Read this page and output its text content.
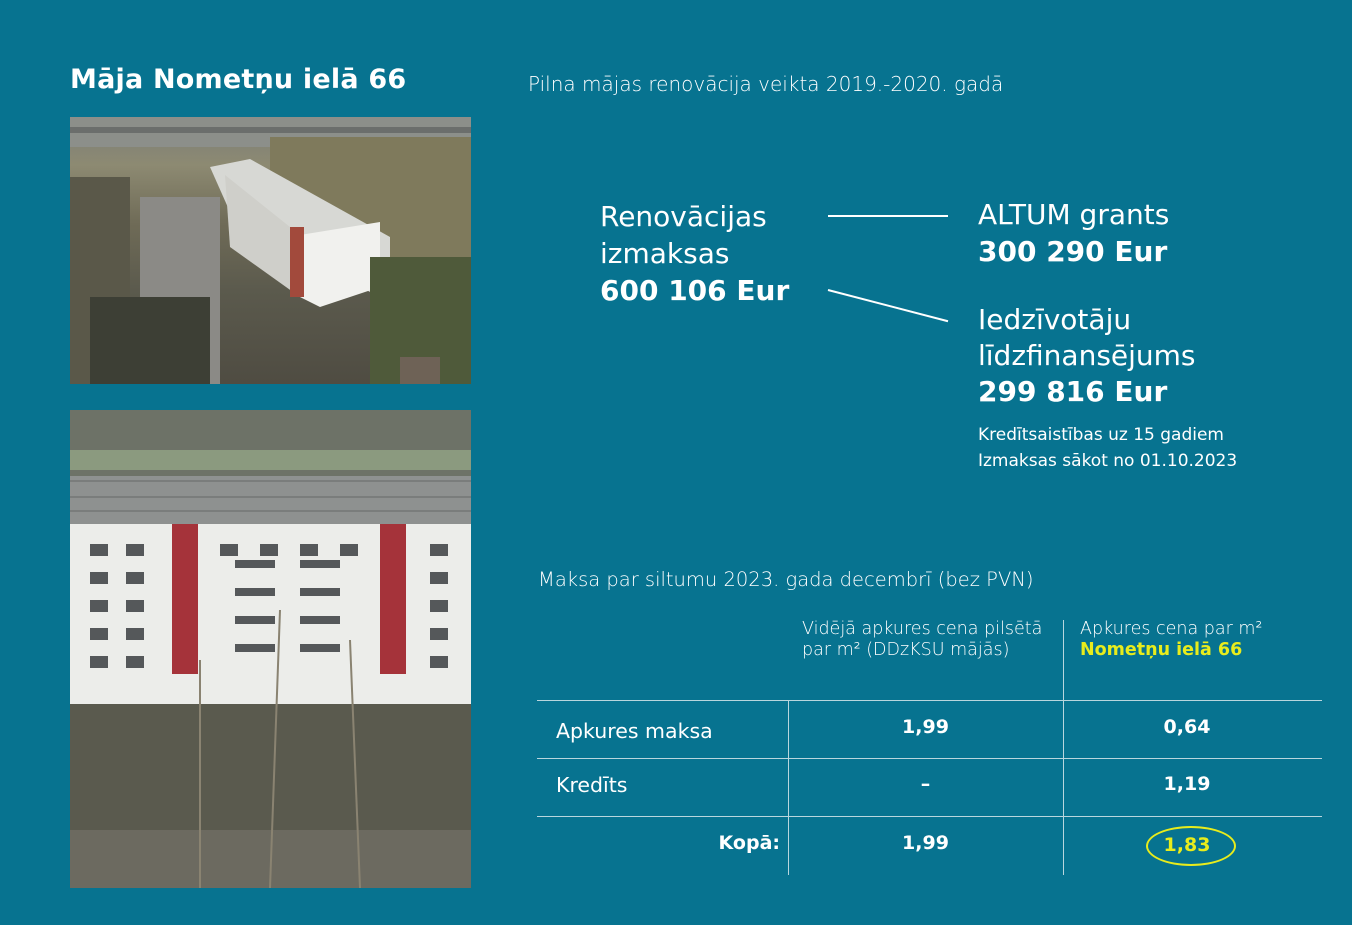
Māja Nometņu ielā 66	Pilna mājas renovācija veikta 2019.-2020. gadā
Renovācijas
izmaksas
600 106 Eur
ALTUM grants
300 290 Eur
Iedzīvotāju
līdzfinansējums
299 816 Eur
Kredītsaistības uz 15 gadiem
Izmaksas sākot no 01.10.2023
Maksa par siltumu 2023. gada decembrī (bez PVN)
Vidējā apkures cena pilsētā par m² (DDzKSU mājās)
Apkures cena par m²
Nometņu ielā 66
Apkures maksa	1,99	0,64
Kredīts	–	1,19
Kopā:	1,99	1,83
